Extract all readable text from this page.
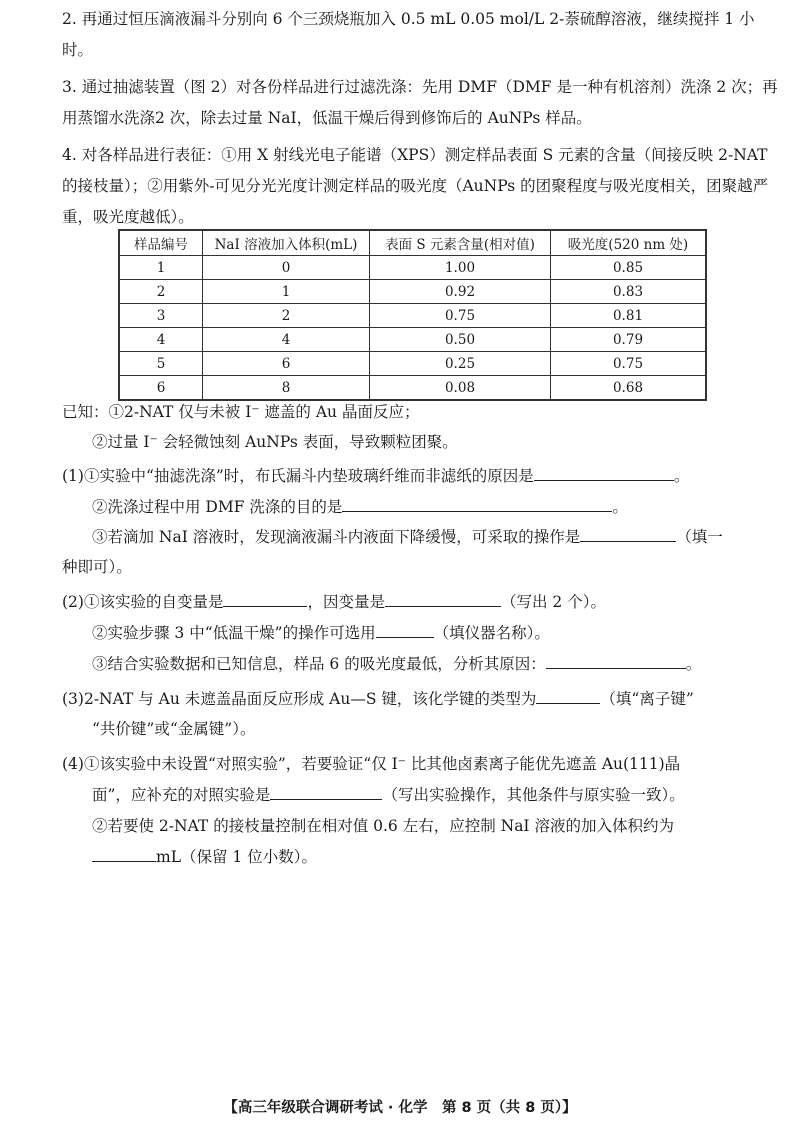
2. 再通过恒压滴液漏斗分别向 6 个三颈烧瓶加入 0.5 mL 0.05 mol/L 2-萘硫醇溶液，继续搅拌 1 小时。
3. 通过抽滤装置（图 2）对各份样品进行过滤洗涤：先用 DMF（DMF 是一种有机溶剂）洗涤 2 次；再用蒸馏水洗涤2 次，除去过量 NaI，低温干燥后得到修饰后的 AuNPs 样品。
4. 对各样品进行表征：①用 X 射线光电子能谱（XPS）测定样品表面 S 元素的含量（间接反映 2-NAT 的接枝量）；②用紫外-可见分光光度计测定样品的吸光度（AuNPs 的团聚程度与吸光度相关，团聚越严重，吸光度越低）。
样品编号	NaI 溶液加入体积(mL)	表面 S 元素含量(相对值)	吸光度(520 nm 处)
1	0	1.00	0.85
2	1	0.92	0.83
3	2	0.75	0.81
4	4	0.50	0.79
5	6	0.25	0.75
6	8	0.08	0.68
已知：①2-NAT 仅与未被 I⁻ 遮盖的 Au 晶面反应；
②过量 I⁻ 会轻微蚀刻 AuNPs 表面，导致颗粒团聚。
(1)①实验中“抽滤洗涤”时，布氏漏斗内垫玻璃纤维而非滤纸的原因是	。
②洗涤过程中用 DMF 洗涤的目的是	。
③若滴加 NaI 溶液时，发现滴液漏斗内液面下降缓慢，可采取的操作是	（填一
种即可）。
(2)①该实验的自变量是	，因变量是	（写出 2 个）。
②实验步骤 3 中“低温干燥”的操作可选用	（填仪器名称）。
③结合实验数据和已知信息，样品 6 的吸光度最低，分析其原因：	。
(3)2-NAT 与 Au 未遮盖晶面反应形成 Au—S 键，该化学键的类型为	（填“离子键”
“共价键”或“金属键”）。
(4)①该实验中未设置“对照实验”，若要验证“仅 I⁻ 比其他卤素离子能优先遮盖 Au(111)晶
面”，应补充的对照实验是	（写出实验操作，其他条件与原实验一致）。
②若要使 2-NAT 的接枝量控制在相对值 0.6 左右，应控制 NaI 溶液的加入体积约为
mL（保留 1 位小数）。
【高三年级联合调研考试 · 化学　第 8 页（共 8 页）】
